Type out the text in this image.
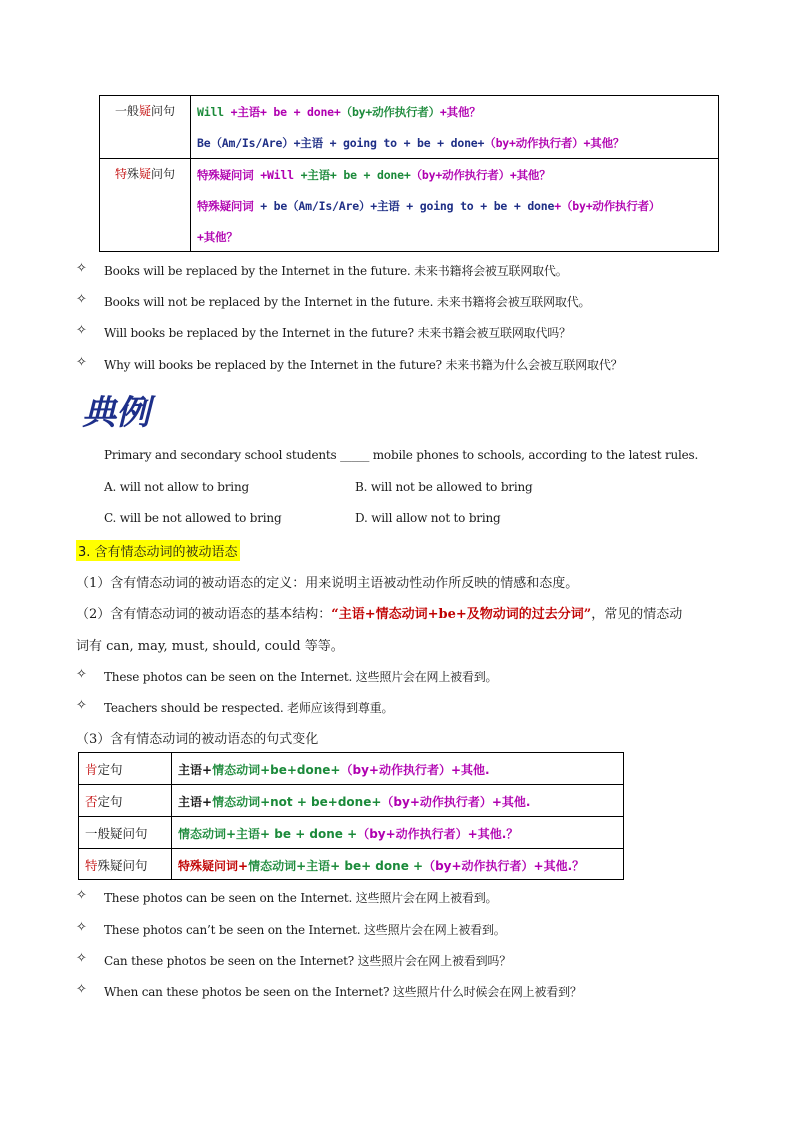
一般疑问句	Will +主语+ be + done+（by+动作执行者）+其他？
Be（Am/Is/Are）+主语 + going to + be + done+（by+动作执行者）+其他？
特殊疑问句	特殊疑问词 +Will +主语+ be + done+（by+动作执行者）+其他？
特殊疑问词 + be（Am/Is/Are）+主语 + going to + be + done+（by+动作执行者）
+其他？
✧ Books will be replaced by the Internet in the future. 未来书籍将会被互联网取代。
✧ Books will not be replaced by the Internet in the future. 未来书籍将会被互联网取代。
✧ Will books be replaced by the Internet in the future? 未来书籍会被互联网取代吗？
✧ Why will books be replaced by the Internet in the future? 未来书籍为什么会被互联网取代？
典例
Primary and secondary school students _____ mobile phones to schools, according to the latest rules.
A. will not allow to bring	B. will not be allowed to bring
C. will be not allowed to bring	D. will allow not to bring
3. 含有情态动词的被动语态
（1）含有情态动词的被动语态的定义：用来说明主语被动性动作所反映的情感和态度。
（2）含有情态动词的被动语态的基本结构：“主语+情态动词+be+及物动词的过去分词”，常见的情态动
词有 can, may, must, should, could 等等。
✧ These photos can be seen on the Internet. 这些照片会在网上被看到。
✧ Teachers should be respected. 老师应该得到尊重。
（3）含有情态动词的被动语态的句式变化
肯定句	主语+情态动词+be+done+（by+动作执行者）+其他.
否定句	主语+情态动词+not + be+done+（by+动作执行者）+其他.
一般疑问句	情态动词+主语+ be + done +（by+动作执行者）+其他.？
特殊疑问句	特殊疑问词+情态动词+主语+ be+ done +（by+动作执行者）+其他.？
✧ These photos can be seen on the Internet. 这些照片会在网上被看到。
✧ These photos can’t be seen on the Internet. 这些照片会在网上被看到。
✧ Can these photos be seen on the Internet? 这些照片会在网上被看到吗？
✧ When can these photos be seen on the Internet? 这些照片什么时候会在网上被看到？
